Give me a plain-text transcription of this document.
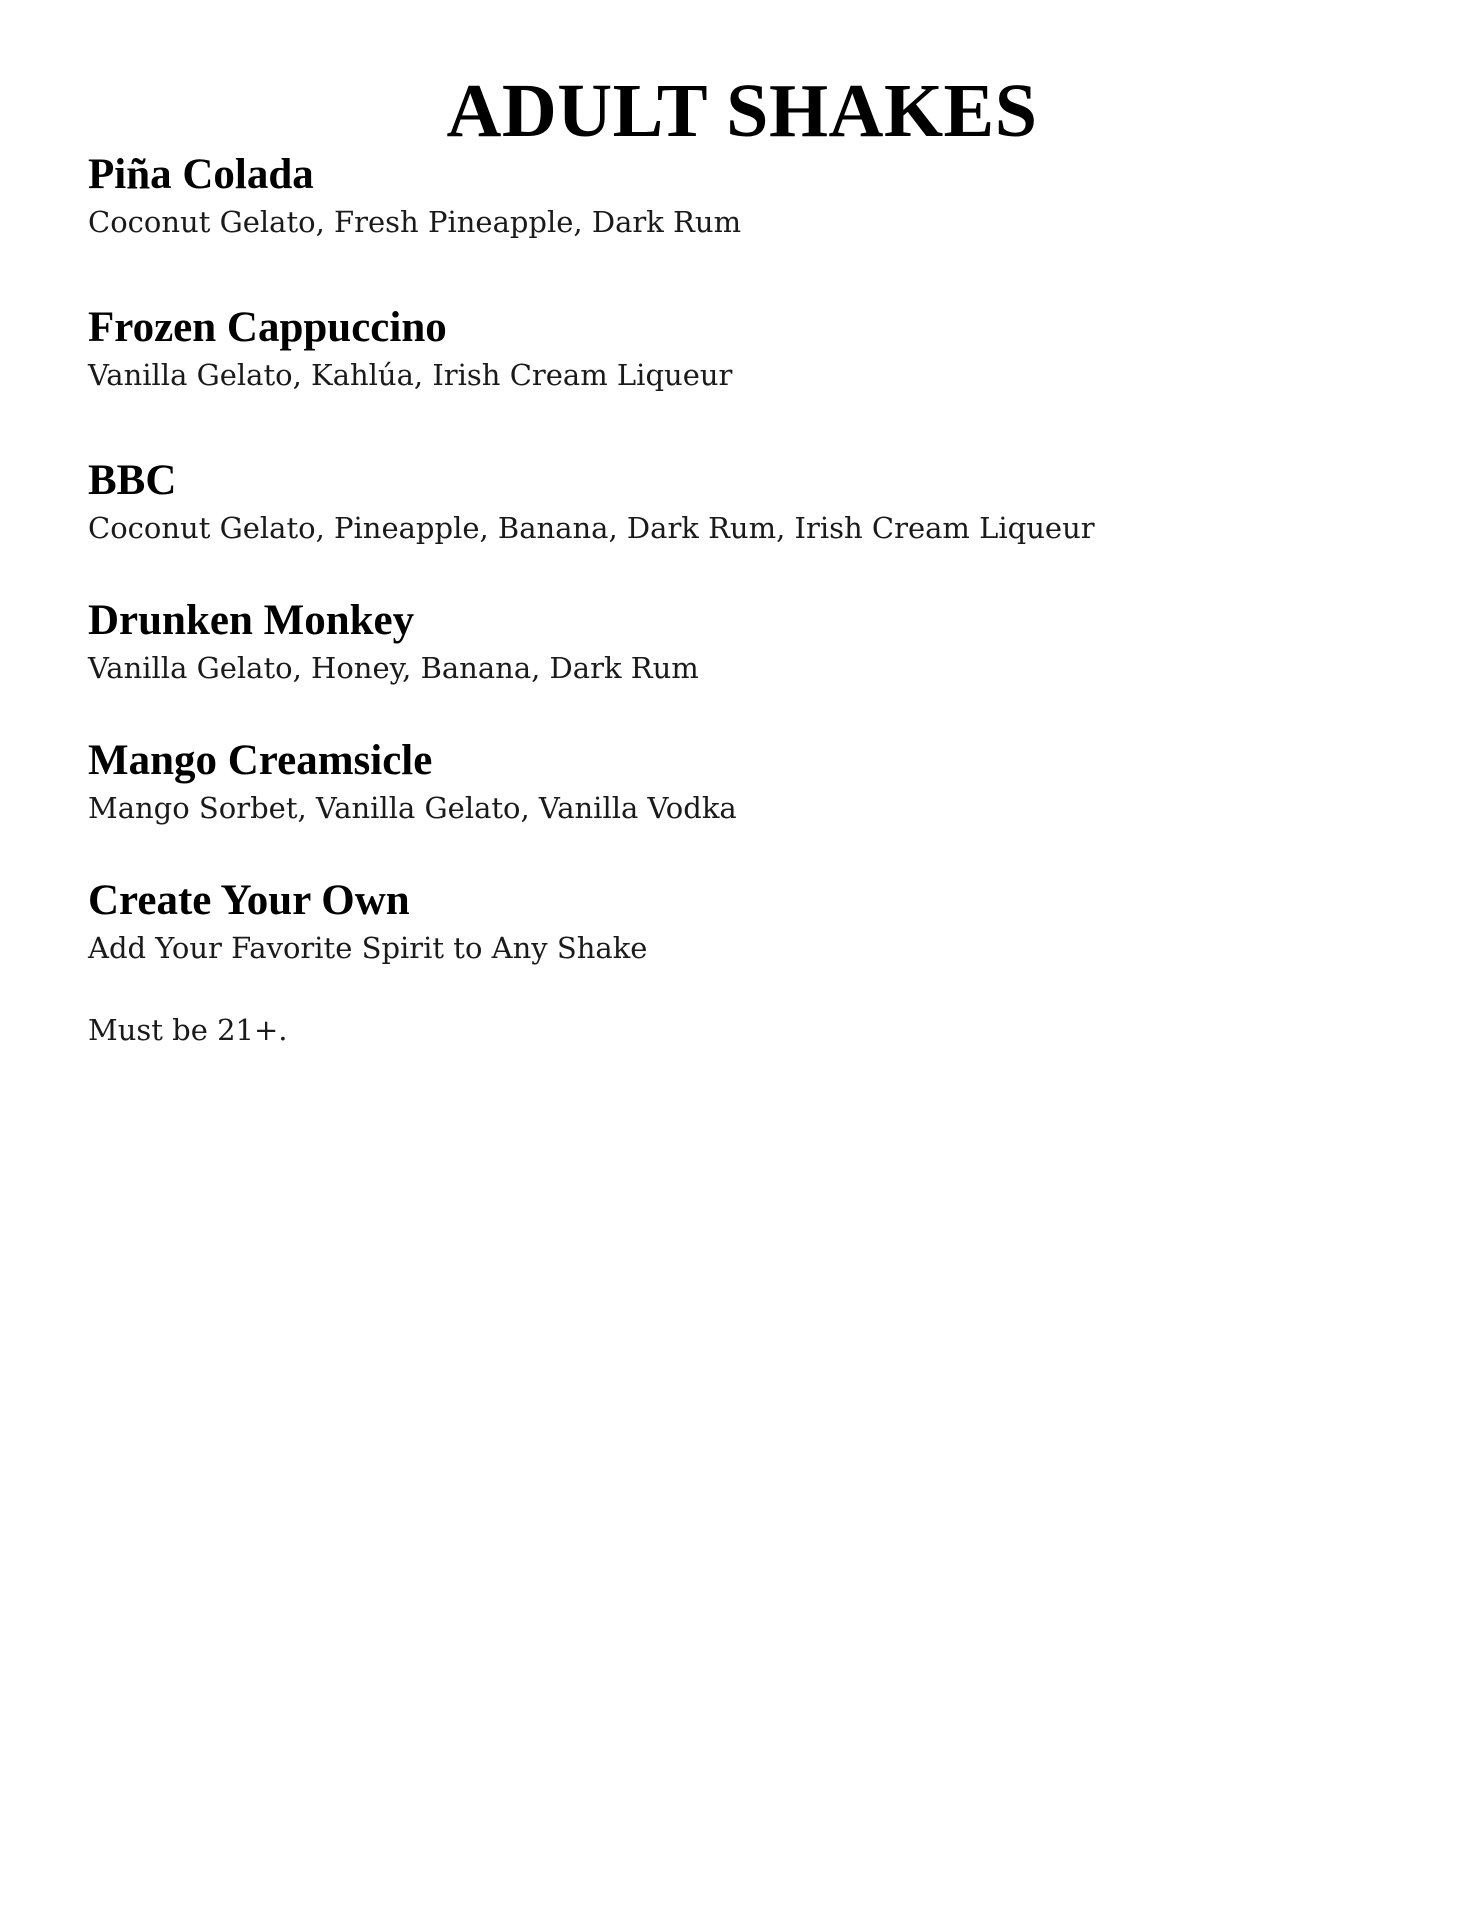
ADULT SHAKES
Piña Colada
Coconut Gelato, Fresh Pineapple, Dark Rum
Frozen Cappuccino
Vanilla Gelato, Kahlúa, Irish Cream Liqueur
BBC
Coconut Gelato, Pineapple, Banana, Dark Rum, Irish Cream Liqueur
Drunken Monkey
Vanilla Gelato, Honey, Banana, Dark Rum
Mango Creamsicle
Mango Sorbet, Vanilla Gelato, Vanilla Vodka
Create Your Own
Add Your Favorite Spirit to Any Shake
Must be 21+.
